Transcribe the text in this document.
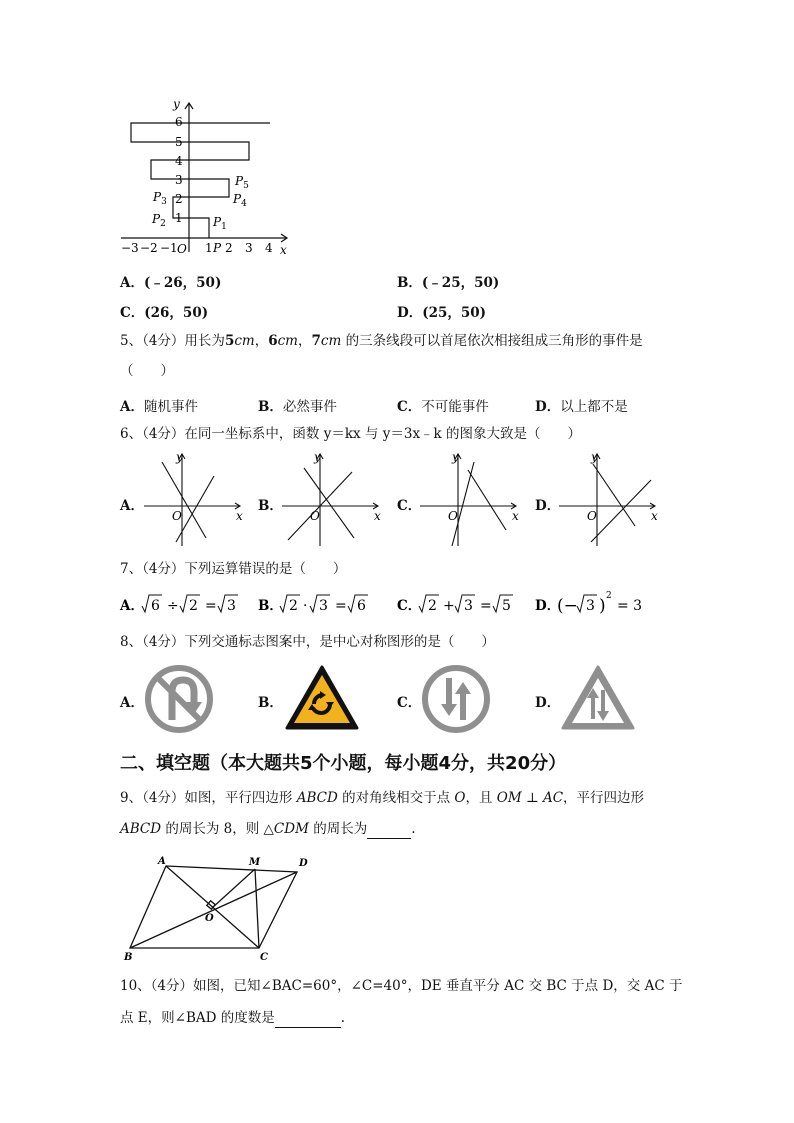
6
5
4
3
2
1
y
x
−3 −2 −1 O 1 P 2 3 4
$P_1$
$P_2$
$P_3$	$P_4$
$P_5$
A．(﹣26，50)	B．(﹣25，50)
C．(26，50)	D．(25，50)
5、（4分）用长为5cm，6cm，7cm 的三条线段可以首尾依次相接组成三角形的事件是
（　　）
A．随机事件	B．必然事件	C．不可能事件	D．以上都不是
6、（4分）在同一坐标系中，函数 y＝kx 与 y＝3x﹣k 的图象大致是（　　）
A．
y
x
O
B．
y
x
O
C．
y
x
O
D．
y
x
O
7、（4分）下列运算错误的是（　　）
A． 6 ÷ 2 = 3 B． 2 · 3 = 6 C． 2 + 3 = 5 D．
(− 3 ) 2
= 3
8、（4分）下列交通标志图案中，是中心对称图形的是（　　）
A．	B．	C．	D．
二、填空题（本大题共5个小题，每小题4分，共20分）
9、（4分）如图，平行四边形 ABCD 的对角线相交于点 O，且 OM ⊥ AC，平行四边形
ABCD 的周长为 8，则 △CDM 的周长为	.
A	M	D
O
B	C
10、（4分）如图，已知∠BAC=60°，∠C=40°，DE 垂直平分 AC 交 BC 于点 D，交 AC 于
点 E，则∠BAD 的度数是	.
